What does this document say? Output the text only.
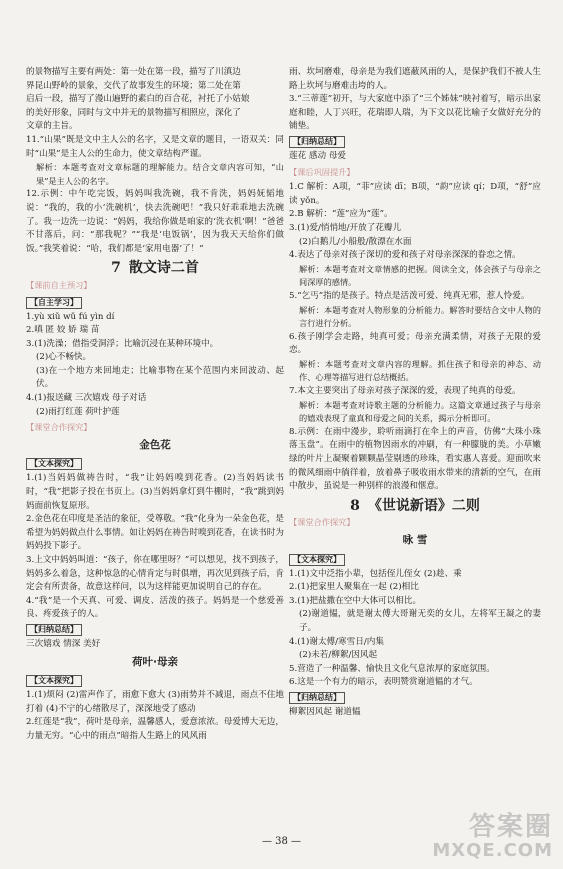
的景物描写主要有两处：第一处在第一段，描写了川滇边

界昆山野岭的景象，交代了故事发生的环境；第二处在第

启后一段，描写了漫山遍野的素白的百合花，衬托了小姑娘

的美好形象，同时与文中并无的景物描写相照应，深化了

文章的主旨。

11.“山果”既是文中主人公的名字，又是文章的题目，一语双关：同时“山果”是主人公的生命力，使文章结构严谨。

解析：本题考查对文章标题的理解能力。结合文章内容可知，“山果”是主人公的名字。

12.示例：中午吃完饭，妈妈叫我洗碗，我不肯洗，妈妈妩韬地说：“我的，我的小‘洗碗机’，快去洗碗吧！”我只好乖乖地去洗碗了。我一边洗一边说：“妈妈，我给你做是咱家的‘洗衣机’啊！”爸爸不甘落后，问：“那我呢？”“我是‘电饭锅’，因为我天天给你们做饭。”我笑着说：“哈，我们都是‘家用电器’了！”

7 散文诗二首
【课前自主预习】
【自主学习】

1.yù xiǔ wǔ fú yìn dí

2.嗔 匿 姣 娇 瑞 苗

3.(1)洗澡；借指受洞浮；比喻沉浸在某种环境中。

(2)心不畅快。

(3)在一个地方来回地走；比喻事物在某个范围内来回波动、起伏。

4.(1)报送藏 三次嬉戏 母子对话

(2)雨打红莲 荷叶护莲

【课堂合作探究】
金色花
【文本探究】

1.(1)当妈妈做祷告时，“我”让妈妈嗅到花香。(2)当妈妈读书时，“我”把影子投在书页上。(3)当妈妈拿灯到牛棚时，“我”跳到妈妈面前恢复原形。

2.金色花在印度是圣洁的象征，受尊敬。“我”化身为一朵金色花，是希望为妈妈做点什么事情。如让妈妈在祷告时嗅到花香，在读书时为妈妈投下影子。

3.上文中妈妈叫道：“孩子，你在哪里呀？”可以想见，找不到孩子，妈妈多么着急，这种惊急的心情肯定与时俱增，再次见到孩子后，肯定会有所责备，故意这样问，以为这样能更加说明自己的存在。

4.“我”是一个天真、可爱、调皮、活泼的孩子。妈妈是一个慈爱善良、疼爱孩子的人。

【归纳总结】

三次嬉戏 情深 美好

荷叶·母亲
【文本探究】

1.(1)烦闷 (2)雷声作了，雨愈下愈大 (3)雨势并不减退，雨点不住地打着 (4)不宁的心绪散尽了，深深地受了感动

2.红莲是“我”，荷叶是母亲，温馨感人，爱意浓浓。母爱博大无边，力量无穷。“心中的雨点”暗指人生路上的风风雨

雨、坎坷磨难，母亲是为我们遮蔽风雨的人，是保护我们不被人生路上坎坷与磨难击垮的人。

3.“三蒂莲”初开，与大家庭中添了“三个姊妹”映衬着写，暗示出家庭和睦，人丁兴旺，花瑞即人瑞，为下文以花比喻子女做好充分的铺垫。

【归纳总结】

莲花 感动 母爱

【课后巩固提升】

1.C 解析：A项，“菲”应读 dī；B项，“韵”应读 qí；D项，“舒”应读 yǒn。

2.B 解析：“莲”应为“莲”。

3.(1)爱/悄悄地/开放了花瓣儿

(2)白鹅儿/小船般/散漂在水面

4.表达了母亲对孩子深切的爱和孩子对母亲深深的眷恋之情。

解析：本题考查对文章情感的把握。阅读全文，体会孩子与母亲之间深厚的感情。

5.“乞丐”指的是孩子。特点是活泼可爱、纯真无邪，惹人怜爱。

解析：本题考查对人物形象的分析能力。解答时要结合文中人物的言行进行分析。

6.孩子刚学会走路，纯真可爱；母亲充满柔情，对孩子无限的爱恋。

解析：本题考查对文章内容的理解。抓住孩子和母亲的神态、动作、心理等描写进行总结概括。

7.本文主要突出了母亲对孩子深深的爱，表现了纯真的母爱。

解析：本题考查对诗歌主题的分析能力。这篇文章通过孩子与母亲的嬉戏表现了童真和母爱之间的关系，揭示分析即可。

8.示例：在雨中漫步，聆听雨滴打在伞上的声音，仿佛“大珠小珠落玉盘”。在雨中的植物因雨水的冲刷，有一种朦胧的美。小草嫩绿的叶片上凝聚着颗颗晶莹剔透的珍珠，看实惠人喜爱。迎面吹来的微风细雨中徜徉着，放着鼻子吸收雨水带来的清新的空气，在雨中散步，虽说是一种别样的浪漫和惬意。

8 《世说新语》二则
【课堂合作探究】
咏 雪
【文本探究】

1.(1)文中泛指小辈，包括侄儿侄女 (2)趁、乘

2.(1)把家里人聚集在一起 (2)相比

3.(1)把盐撒在空中大体可以相比。

(2)谢道韫，就是谢太傅大哥谢无奕的女儿，左将军王凝之的妻子。

4.(1)谢太傅/寒雪日/内集

(2)未若/柳絮/因风起

5.营造了一种温馨、愉快且文化气息浓厚的家庭氛围。

6.这是一个有力的暗示，表明赞赏谢道韫的才气。

【归纳总结】

柳絮因风起 谢道韫

— 38 —	答案圈
MXQE.COM
